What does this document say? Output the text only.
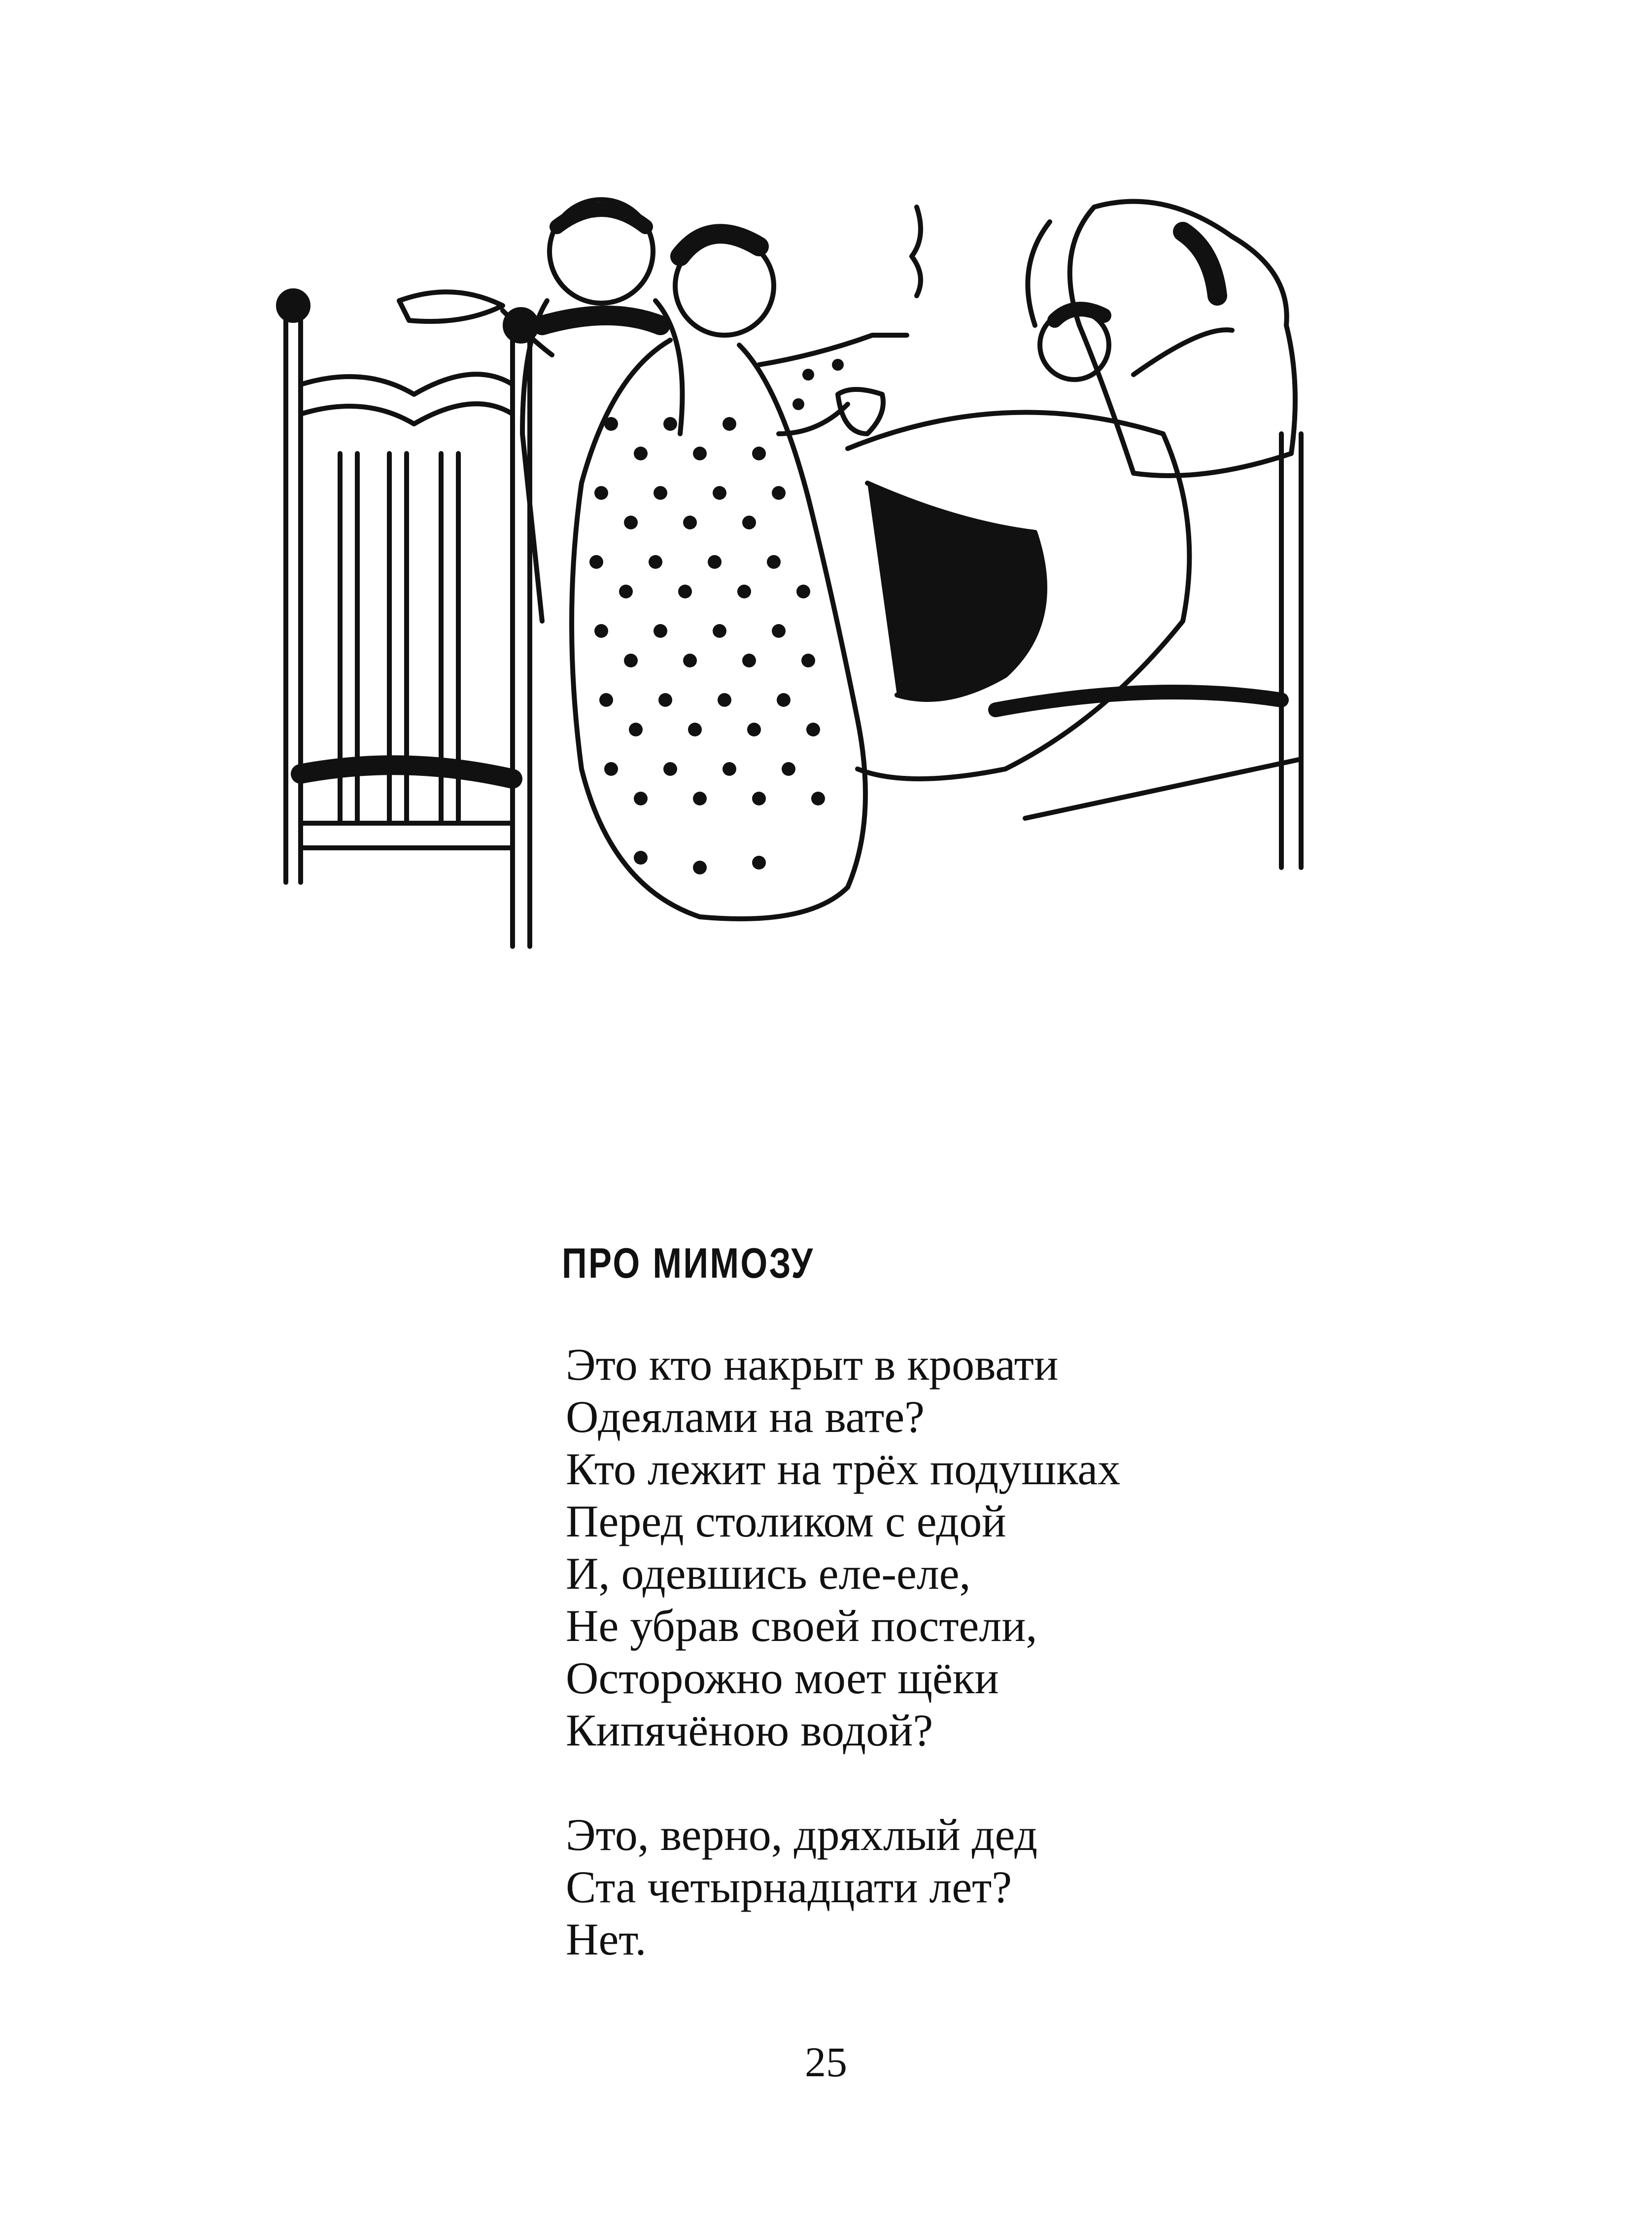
ПРО МИМОЗУ
Это кто накрыт в кровати
Одеялами на вате?
Кто лежит на трёх подушках
Перед столиком с едой
И, одевшись еле-еле,
Не убрав своей постели,
Осторожно моет щёки
Кипячёною водой?
Это, верно, дряхлый дед
Ста четырнадцати лет?
Нет.
25
